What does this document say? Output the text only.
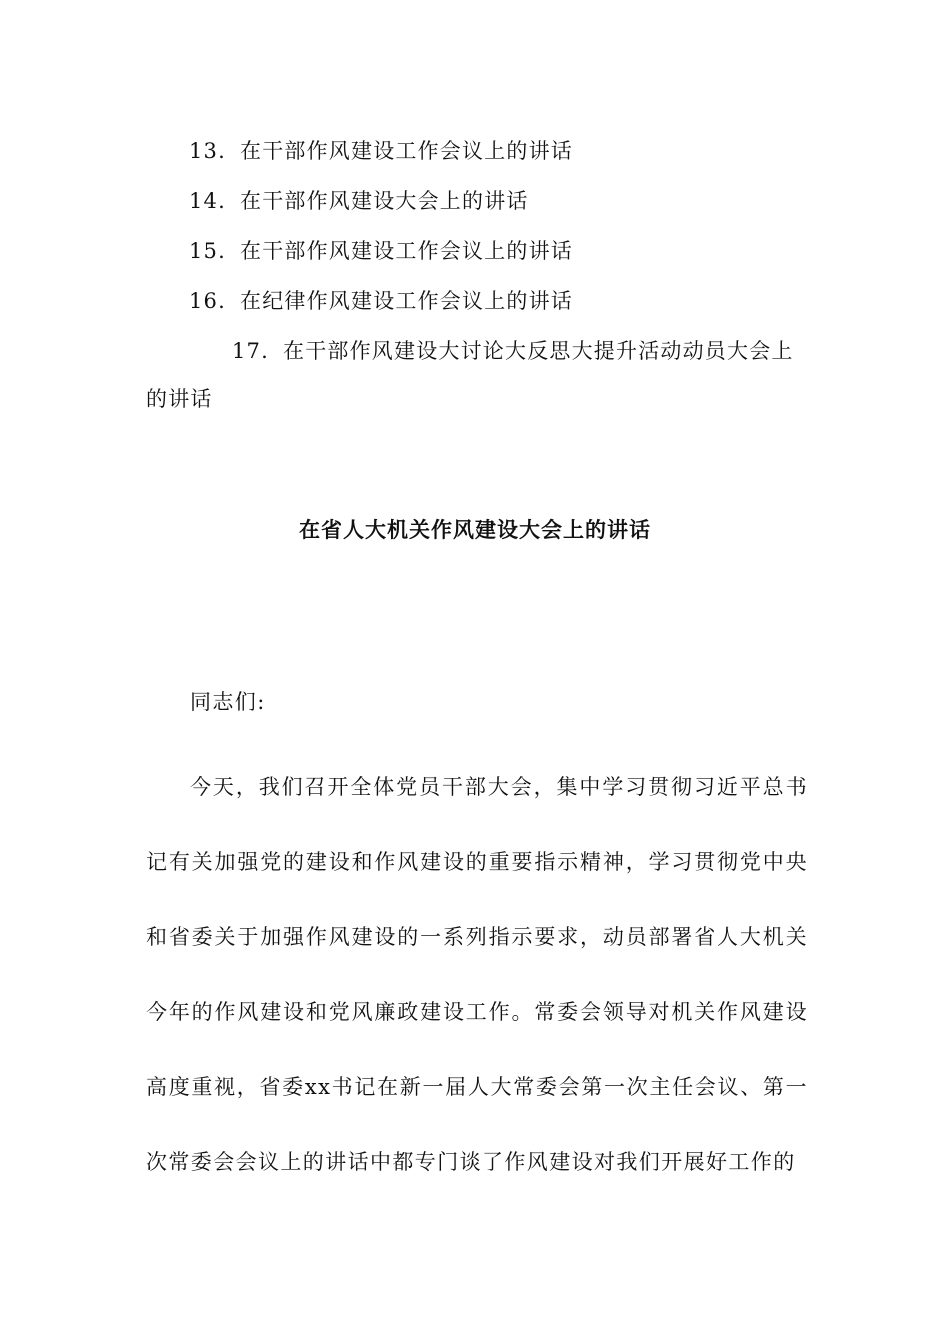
13. 在干部作风建设工作会议上的讲话
14. 在干部作风建设大会上的讲话
15. 在干部作风建设工作会议上的讲话
16. 在纪律作风建设工作会议上的讲话
17. 在干部作风建设大讨论大反思大提升活动动员大会上的讲话
在省人大机关作风建设大会上的讲话
同志们:
今天，我们召开全体党员干部大会，集中学习贯彻习近平总书记有关加强党的建设和作风建设的重要指示精神，学习贯彻党中央和省委关于加强作风建设的一系列指示要求，动员部署省人大机关今年的作风建设和党风廉政建设工作。常委会领导对机关作风建设高度重视，省委xx书记在新一届人大常委会第一次主任会议、第一次常委会会议上的讲话中都专门谈了作风建设对我们开展好工作的
